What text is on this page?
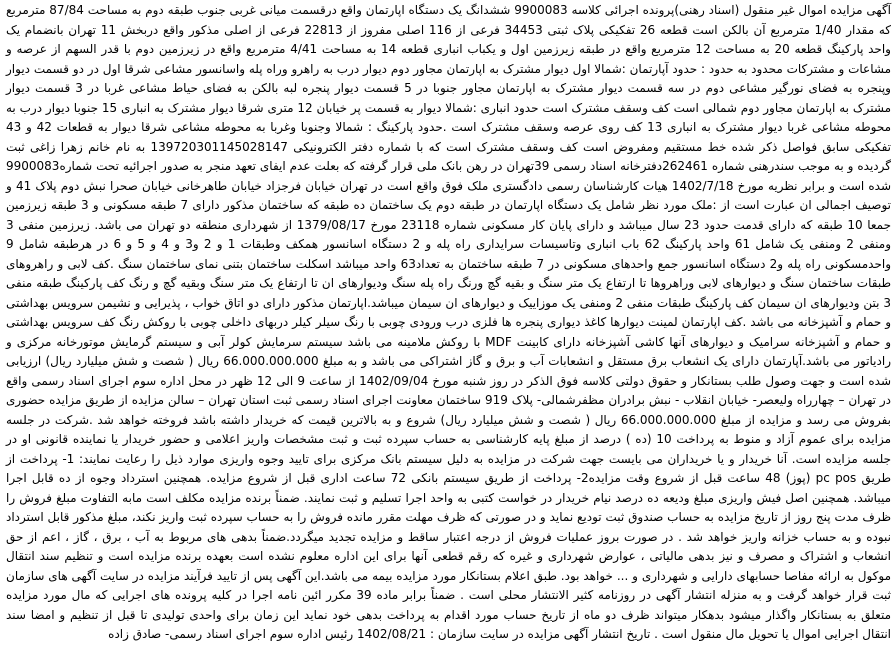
آگهی مزایده اموال غیر منقول (اسناد رهنی)پرونده اجرائی کلاسه 9900083 ششدانگ یک دستگاه اپارتمان واقع درقسمت میانی غربی جنوب طبقه دوم به مساحت 87/84 مترمربع که مقدار 1/40 مترمربع آن بالکن است قطعه 26 تفکیکی پلاک ثبتی 34453 فرعی از 116 اصلی مفروز از 22813 فرعی از اصلی مذکور واقع دربخش 11 تهران بانضمام یک واحد پارکینگ قطعه 20 به مساحت 12 مترمربع واقع در طبقه زیرزمین اول و یکباب انباری قطعه 14 به مساحت 4/41 مترمربع واقع در زیرزمین دوم با قدر السهم از عرصه و مشاعات و مشترکات محدود به حدود : حدود آپارتمان :شمالا اول دیوار مشترک به اپارتمان مجاور دوم دیوار درب به راهرو وراه پله واسانسور مشاعی شرقا اول در دو قسمت دیوار وپنجره به فضای نورگیر مشاعی دوم در سه قسمت دیوار مشترک به اپارتمان مجاور جنوبا در 5 قسمت دیوار پنجره لبه بالکن به فضای حیاط مشاعی غربا در 3 قسمت دیوار مشترک به اپارتمان مجاور دوم شمالی است کف وسقف مشترک است حدود انباری :شمالا دیوار به قسمت پر خیابان 12 متری شرقا دیوار مشترک به انباری 15 جنوبا دیوار درب به محوطه مشاعی غربا دیوار مشترک به انباری 13 کف روی عرصه وسقف مشترک است .حدود پارکینگ : شمالا وجنوبا وغربا به محوطه مشاعی شرقا دیوار به قطعات 42 و 43 تفکیکی سابق فواصل ذکر شده خط مستقیم ومفروض است کف وسقف مشترک است که با شماره دفتر الکترونیکی 139720301145028147 به نام خانم زهرا زاغی ثبت گردیده و به موجب سندرهنی شماره 262461دفترخانه اسناد رسمی 39تهران در رهن بانک ملی قرار گرفته که بعلت عدم ایفای تعهد منجر به صدور اجرائیه تحت شماره9900083 شده است و برابر نظریه مورخ 1402/7/18 هیات کارشناسان رسمی دادگستری ملک فوق واقع است در تهران خیابان فرجزاد خیابان طاهرخانی خیابان صحرا نبش دوم پلاک 41 و توصیف اجمالی ان عبارت است از :ملک مورد نظر شامل یک دستگاه اپارتمان در طبقه دوم یک ساختمان ده طبقه که ساختمان مذکور دارای 7 طبقه مسکونی و 3 طبقه زیرزمین جمعا 10 طبقه که دارای قدمت حدود 23 سال میباشد و دارای پایان کار مسکونی شماره 23118 مورخ 1379/08/17 از شهرداری منطقه دو تهران می باشد. زیرزمین منفی 3 ومنفی 2 ومنفی یک شامل 61 واحد پارکینگ 62 باب انباری وتاسیسات سرایداری راه پله و 2 دستگاه اسانسور همکف وطبقات 1 و 2 و3 و 4 و 5 و 6 در هرطبقه شامل 9 واحدمسکونی راه پله و2 دستگاه اسانسور جمع واحدهای مسکونی در 7 طبقه ساختمان به تعداد63 واحد میباشد اسکلت ساختمان بتنی نمای ساختمان سنگ .کف لابی و راهروهای طبقات ساختمان سنگ و دیوارهای لابی وراهروها تا ارتفاع یک متر سنگ و بقیه گچ ورنگ راه پله سنگ ودیوارهای ان تا ارتفاع یک متر سنگ وبقیه گچ و رنگ کف پارکینگ طبقه منفی 3 بتن ودیوارهای ان سیمان کف پارکینگ طبقات منفی 2 ومنفی یک موزاییک و دیوارهای ان سیمان میباشد.اپارتمان مذکور دارای دو اتاق خواب ، پذیرایی و نشیمن سرویس بهداشتی و حمام و آشپزخانه می باشد .کف اپارتمان لمینت دیوارها کاغذ دیواری پنجره ها فلزی درب ورودی چوبی با رنگ سیلر کیلر دربهای داخلی چوبی با روکش رنگ کف سرویس بهداشتی و حمام و آشپزخانه سرامیک و دیوارهای آنها کاشی آشپزخانه دارای کابینت MDF با روکش ملامینه می باشد سیستم سرمایش کولر آبی و سیستم گرمایش موتورخانه مرکزی و رادیاتور می باشد.آپارتمان دارای یک انشعاب برق مستقل و انشعابات آب و برق و گاز اشتراکی می باشد و به مبلغ 66.000.000.000 ریال ( شصت و شش میلیارد ریال) ارزیابی شده است و جهت وصول طلب بستانکار و حقوق دولتی کلاسه فوق الذکر در روز شنبه مورخ 1402/09/04 از ساعت 9 الی 12 ظهر در محل اداره سوم اجرای اسناد رسمی واقع در تهران – چهارراه ولیعصر- خیابان انقلاب - نبش برادران مظفرشمالی- پلاک 919 ساختمان معاونت اجرای اسناد رسمی ثبت استان تهران – سالن مزایده از طریق مزایده حضوری بفروش می رسد و مزایده از مبلغ 66.000.000.000 ریال ( شصت و شش میلیارد ریال) شروع و به بالاترین قیمت که خریدار داشته باشد فروخته خواهد شد .شرکت در جلسه مزایده برای عموم آزاد و منوط به پرداخت 10 (ده ) درصد از مبلغ پایه کارشناسی به حساب سپرده ثبت و ثبت مشخصات واریز اعلامی و حضور خریدار یا نماینده قانونی او در جلسه مزایده است. آنا خریدار و یا خریداران می بایست جهت شرکت در مزایده به دلیل سیستم بانک مرکزی برای تایید وجوه واریزی موارد ذیل را رعایت نمایند: 1- پرداخت از طریق pc pos (پوز) 48 ساعت قبل از شروع وقت مزایده2- پرداخت از طریق سیستم بانکی 72 ساعت اداری قبل از شروع مزایده. همچنین استرداد وجوه از ده قابل اجرا میباشد. همچنین اصل فیش واریزی مبلغ ودیعه ده درصد نیام خریدار در خواست کتبی به واحد اجرا تسلیم و ثبت نمایند. ضمناً برنده مزایده مکلف است مابه التفاوت مبلغ فروش را ظرف مدت پنج روز از تاریخ مزایده به حساب صندوق ثبت تودیع نماید و در صورتی که ظرف مهلت مقرر مانده فروش را به حساب سپرده ثبت واریز نکند، مبلغ مذکور قابل استرداد نبوده و به حساب خزانه واریز خواهد شد . در صورت بروز عملیات فروش از درجه اعتبار ساقط و مزایده تجدید میگردد.ضمناً بدهی های مربوط به آب ، برق ، گاز ، اعم از حق انشعاب و اشتراک و مصرف و نیز بدهی مالیاتی ، عوارض شهرداری و غیره که رقم قطعی آنها برای این اداره معلوم نشده است بعهده برنده مزایده است و تنظیم سند انتقال موکول به ارائه مفاصا حسابهای دارایی و شهرداری و ... خواهد بود. طبق اعلام بستانکار مورد مزایده بیمه می باشد.این آگهی پس از تایید فرآیند مزایده در سایت آگهی های سازمان ثبت قرار خواهد گرفت و به منزله انتشار آگهی در روزنامه کثیر الانتشار محلی است . ضمناً برابر ماده 39 مکرر ائین نامه اجرا در کلیه پرونده های اجرایی که مال مورد مزایده متعلق به بستانکار واگذار میشود بدهکار میتواند ظرف دو ماه از تاریخ حساب مورد اقدام به پرداخت بدهی خود نماید این زمان برای واحدی تولیدی تا قبل از تنظیم و امضا سند انتقال اجرایی اموال یا تحویل مال منقول است . تاریخ انتشار آگهی مزایده در سایت سازمان : 1402/08/21 رئیس اداره سوم اجرای اسناد رسمی- صادق زاده
